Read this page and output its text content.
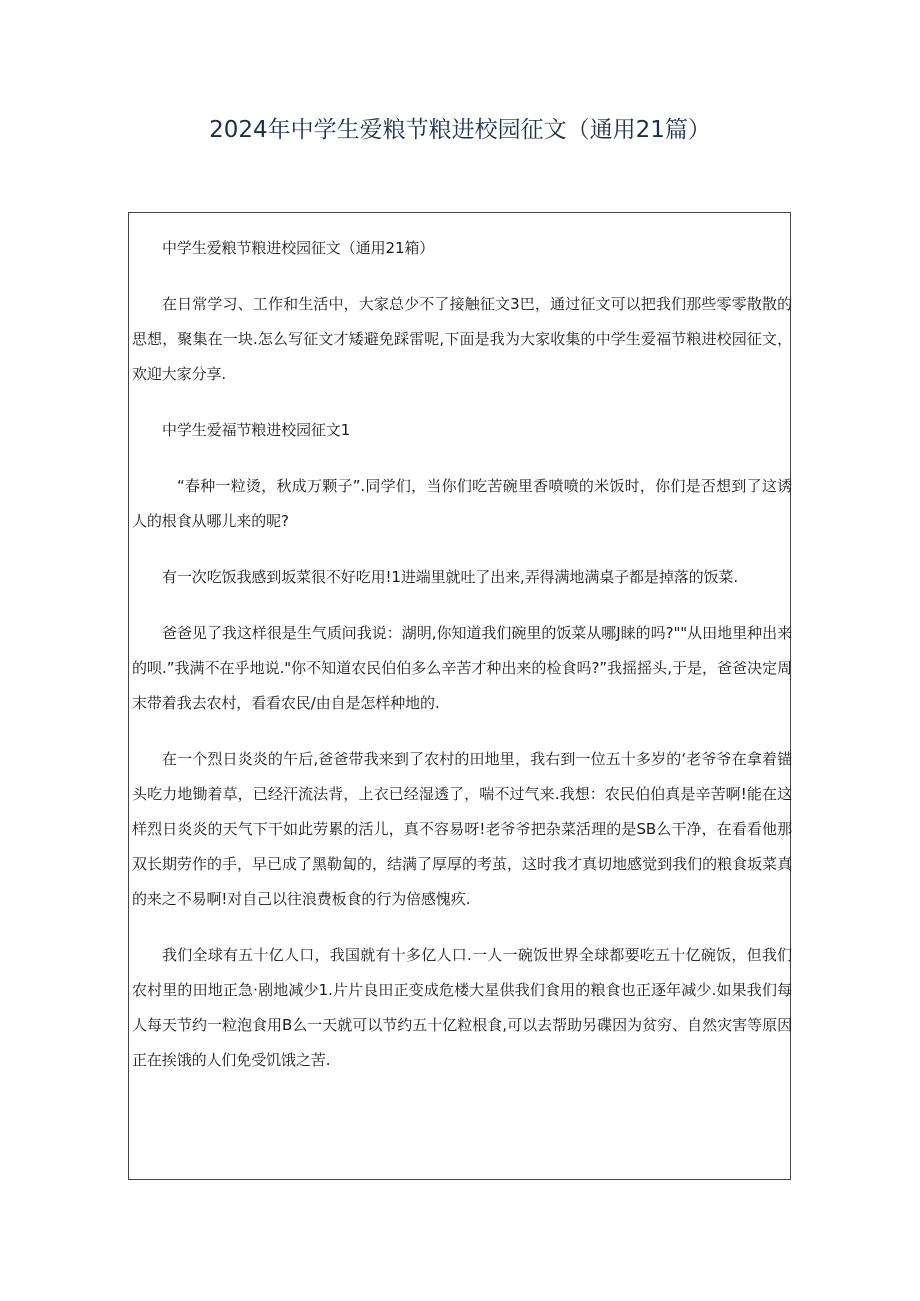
2024年中学生爱粮节粮进校园征文（通用21篇）

中学生爱粮节粮进校园征文（通用21箱）

在日常学习、工作和生活中，大家总少不了接触征文3巴，通过征文可以把我们那些零零散散的思想，聚集在一块.怎么写征文才矮避免踩雷呢,下面是我为大家收集的中学生爱福节粮进校园征文，欢迎大家分享.

中学生爱福节粮进校园征文1

“春种一粒烫，秋成万颗子”.同学们，当你们吃苦碗里香喷喷的米饭时，你们是否想到了这诱人的根食从哪儿来的呢?

有一次吃饭我感到坂菜很不好吃用!1进端里就吐了出来,弄得满地满桌子都是掉落的饭菜.

爸爸见了我这样很是生气质问我说：湖明,你知道我们碗里的饭菜从哪J睐的吗?""从田地里种出来的呗.”我满不在乎地说."你不知道农民伯伯多么辛苦才种出来的检食吗?”我摇摇头,于是，爸爸决定周末带着我去农村，看看农民/由自是怎样种地的.

在一个烈日炎炎的午后,爸爸带我来到了农村的田地里，我右到一位五十多岁的‘老爷爷在拿着锚头吃力地锄着草，已经汗流法背，上衣已经湿透了，喘不过气来.我想：农民伯伯真是辛苦啊!能在这样烈日炎炎的天气下干如此劳累的活儿，真不容易呀!老爷爷把杂菜活理的是SB么干净，在看看他那双长期劳作的手，早已成了黑勒匐的，结满了厚厚的考茧，这时我才真切地感觉到我们的粮食坂菜真的来之不易啊!对自己以往浪费板食的行为倍感愧疚.

我们全球有五十亿人口，我国就有十多亿人口.一人一碗饭世界全球都要吃五十亿碗饭，但我们农村里的田地正急·剧地减少1.片片良田正变成危楼大星供我们食用的粮食也正逐年减少.如果我们每人每天节约一粒泡食用B么一天就可以节约五十亿粒根食,可以去帮助另碟因为贫穷、自然灾害等原因正在挨饿的人们免受饥饿之苦.
